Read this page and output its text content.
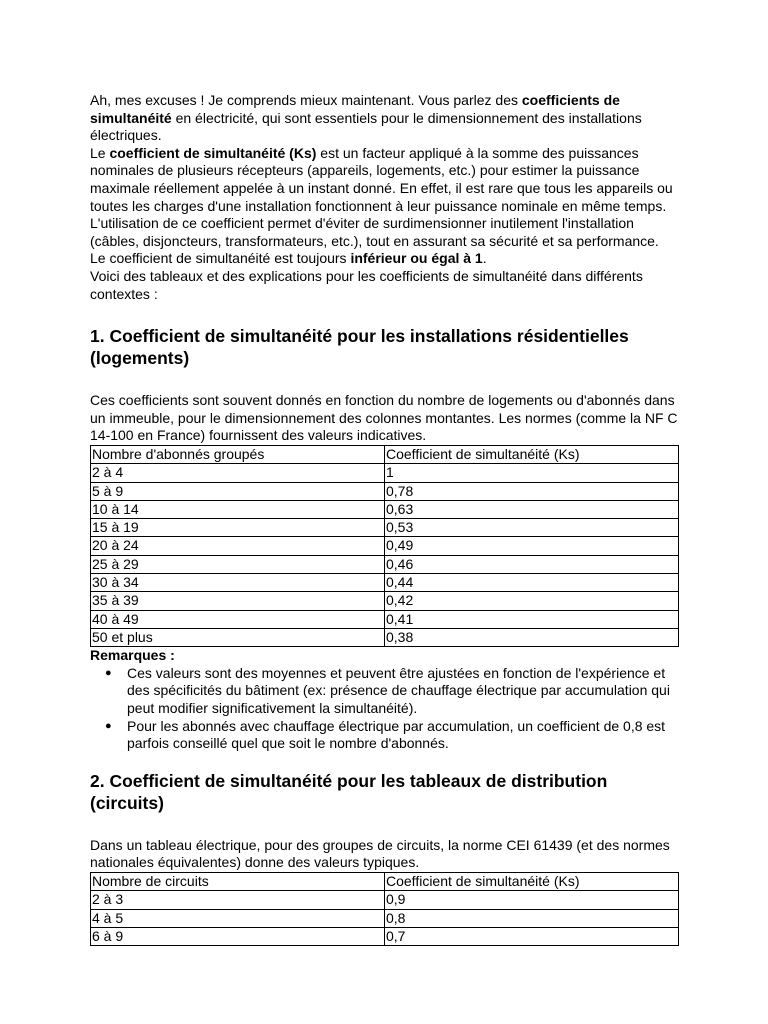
Ah, mes excuses ! Je comprends mieux maintenant. Vous parlez des coefficients de simultanéité en électricité, qui sont essentiels pour le dimensionnement des installations électriques.

Le coefficient de simultanéité (Ks) est un facteur appliqué à la somme des puissances nominales de plusieurs récepteurs (appareils, logements, etc.) pour estimer la puissance maximale réellement appelée à un instant donné. En effet, il est rare que tous les appareils ou toutes les charges d'une installation fonctionnent à leur puissance nominale en même temps.

L'utilisation de ce coefficient permet d'éviter de surdimensionner inutilement l'installation (câbles, disjoncteurs, transformateurs, etc.), tout en assurant sa sécurité et sa performance.

Le coefficient de simultanéité est toujours inférieur ou égal à 1.

Voici des tableaux et des explications pour les coefficients de simultanéité dans différents contextes :

1. Coefficient de simultanéité pour les installations résidentielles (logements)

Ces coefficients sont souvent donnés en fonction du nombre de logements ou d'abonnés dans un immeuble, pour le dimensionnement des colonnes montantes. Les normes (comme la NF C 14-100 en France) fournissent des valeurs indicatives.

Nombre d'abonnés groupés	Coefficient de simultanéité (Ks)
2 à 4	1
5 à 9	0,78
10 à 14	0,63
15 à 19	0,53
20 à 24	0,49
25 à 29	0,46
30 à 34	0,44
35 à 39	0,42
40 à 49	0,41
50 et plus	0,38

Remarques :

● Ces valeurs sont des moyennes et peuvent être ajustées en fonction de l'expérience et des spécificités du bâtiment (ex: présence de chauffage électrique par accumulation qui peut modifier significativement la simultanéité).
● Pour les abonnés avec chauffage électrique par accumulation, un coefficient de 0,8 est parfois conseillé quel que soit le nombre d'abonnés.
2. Coefficient de simultanéité pour les tableaux de distribution (circuits)

Dans un tableau électrique, pour des groupes de circuits, la norme CEI 61439 (et des normes nationales équivalentes) donne des valeurs typiques.

Nombre de circuits	Coefficient de simultanéité (Ks)
2 à 3	0,9
4 à 5	0,8
6 à 9	0,7
